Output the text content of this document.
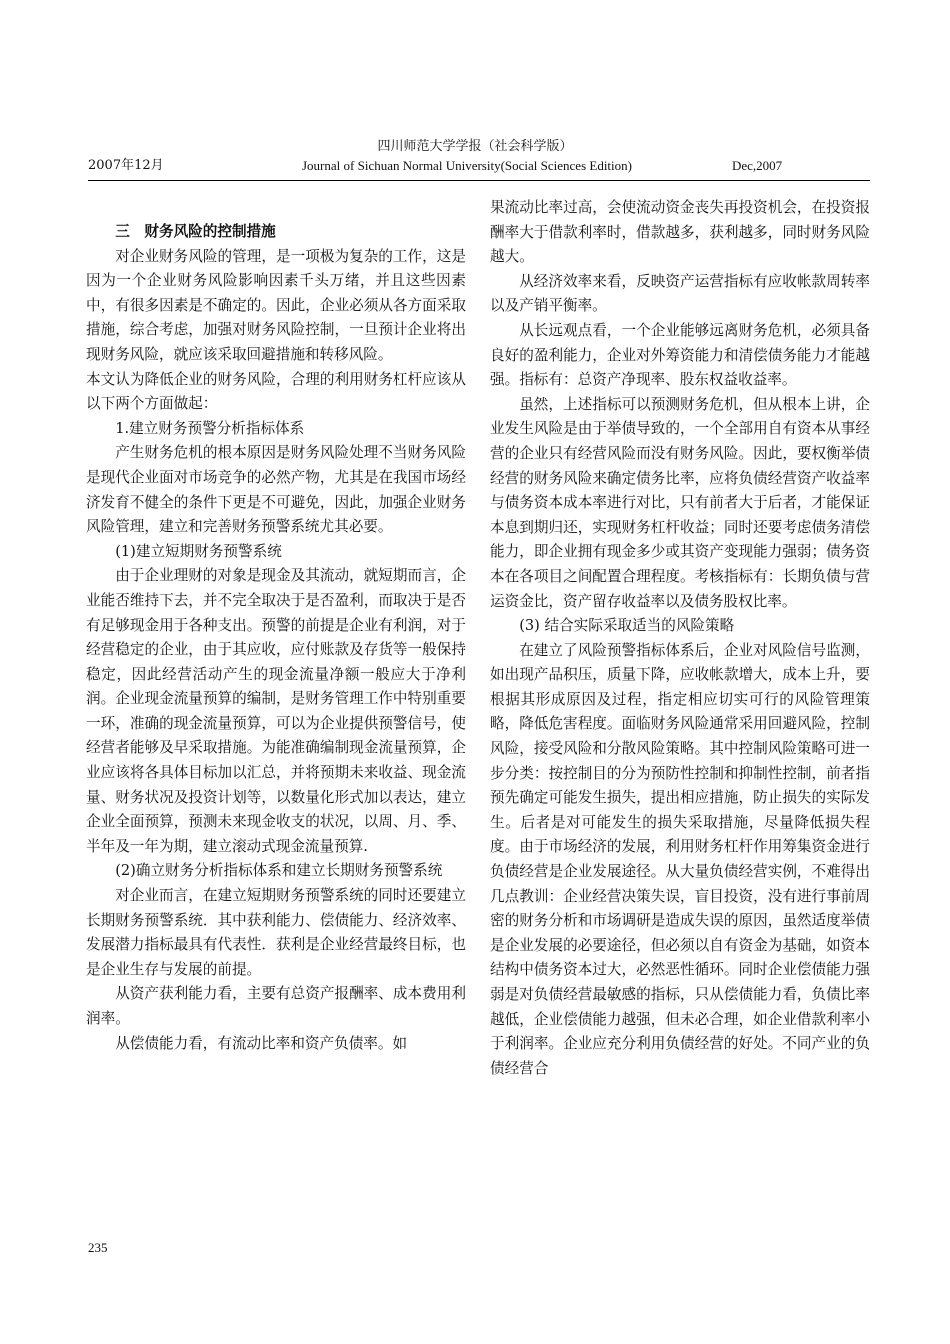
四川师范大学学报（社会科学版）
2007年12月	Journal of Sichuan Normal University(Social Sciences Edition)	Dec,2007

三　财务风险的控制措施

对企业财务风险的管理，是一项极为复杂的工作，这是因为一个企业财务风险影响因素千头万绪，并且这些因素中，有很多因素是不确定的。因此，企业必须从各方面采取措施，综合考虑，加强对财务风险控制，一旦预计企业将出现财务风险，就应该采取回避措施和转移风险。

本文认为降低企业的财务风险，合理的利用财务杠杆应该从以下两个方面做起：

1.建立财务预警分析指标体系

产生财务危机的根本原因是财务风险处理不当财务风险是现代企业面对市场竞争的必然产物，尤其是在我国市场经济发育不健全的条件下更是不可避免，因此，加强企业财务风险管理，建立和完善财务预警系统尤其必要。

(1)建立短期财务预警系统

由于企业理财的对象是现金及其流动，就短期而言，企业能否维持下去，并不完全取决于是否盈利，而取决于是否有足够现金用于各种支出。预警的前提是企业有利润，对于经营稳定的企业，由于其应收，应付账款及存货等一般保持稳定，因此经营活动产生的现金流量净额一般应大于净利润。企业现金流量预算的编制，是财务管理工作中特别重要一环，准确的现金流量预算，可以为企业提供预警信号，使经营者能够及早采取措施。为能准确编制现金流量预算，企业应该将各具体目标加以汇总，并将预期未来收益、现金流量、财务状况及投资计划等，以数量化形式加以表达，建立企业全面预算，预测未来现金收支的状况，以周、月、季、半年及一年为期，建立滚动式现金流量预算.

(2)确立财务分析指标体系和建立长期财务预警系统

对企业而言，在建立短期财务预警系统的同时还要建立长期财务预警系统．其中获利能力、偿债能力、经济效率、发展潜力指标最具有代表性．获利是企业经营最终目标，也是企业生存与发展的前提。

从资产获利能力看，主要有总资产报酬率、成本费用利润率。

从偿债能力看，有流动比率和资产负债率。如

果流动比率过高，会使流动资金丧失再投资机会，在投资报酬率大于借款利率时，借款越多，获利越多，同时财务风险越大。

从经济效率来看，反映资产运营指标有应收帐款周转率以及产销平衡率。

从长远观点看，一个企业能够远离财务危机，必须具备良好的盈利能力，企业对外筹资能力和清偿债务能力才能越强。指标有：总资产净现率、股东权益收益率。

虽然，上述指标可以预测财务危机，但从根本上讲，企业发生风险是由于举债导致的，一个全部用自有资本从事经营的企业只有经营风险而没有财务风险。因此，要权衡举债经营的财务风险来确定债务比率，应将负债经营资产收益率与债务资本成本率进行对比，只有前者大于后者，才能保证本息到期归还，实现财务杠杆收益；同时还要考虑债务清偿能力，即企业拥有现金多少或其资产变现能力强弱；债务资本在各项目之间配置合理程度。考核指标有：长期负债与营运资金比，资产留存收益率以及债务股权比率。

(3) 结合实际采取适当的风险策略

在建立了风险预警指标体系后，企业对风险信号监测，如出现产品积压，质量下降，应收帐款增大，成本上升，要根据其形成原因及过程，指定相应切实可行的风险管理策略，降低危害程度。面临财务风险通常采用回避风险，控制风险，接受风险和分散风险策略。其中控制风险策略可进一步分类：按控制目的分为预防性控制和抑制性控制，前者指预先确定可能发生损失，提出相应措施，防止损失的实际发生。后者是对可能发生的损失采取措施，尽量降低损失程度。由于市场经济的发展，利用财务杠杆作用筹集资金进行负债经营是企业发展途径。从大量负债经营实例，不难得出几点教训：企业经营决策失误，盲目投资，没有进行事前周密的财务分析和市场调研是造成失误的原因，虽然适度举债是企业发展的必要途径，但必须以自有资金为基础，如资本结构中债务资本过大，必然恶性循环。同时企业偿债能力强弱是对负债经营最敏感的指标，只从偿债能力看，负债比率越低，企业偿债能力越强，但未必合理，如企业借款利率小于利润率。企业应充分利用负债经营的好处。不同产业的负债经营合

235
